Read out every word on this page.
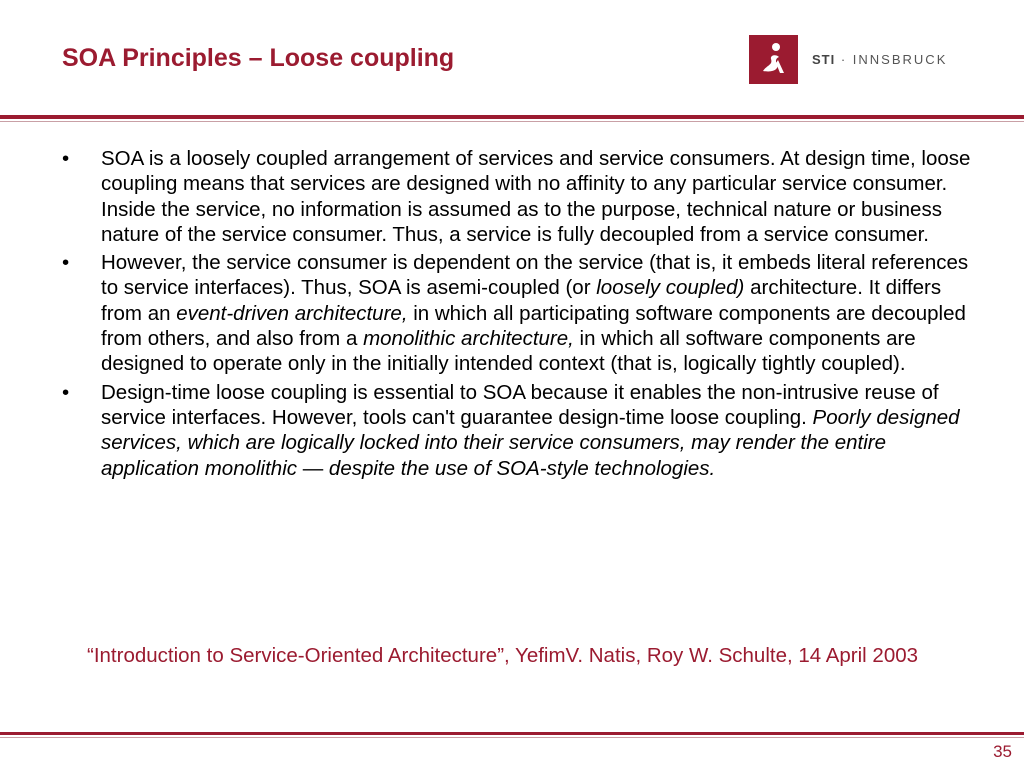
SOA Principles – Loose coupling	STI · INNSBRUCK
• SOA is a loosely coupled arrangement of services and service consumers. At design time, loose coupling means that services are designed with no affinity to any particular service consumer. Inside the service, no information is assumed as to the purpose, technical nature or business nature of the service consumer. Thus, a service is fully decoupled from a service consumer.
• However, the service consumer is dependent on the service (that is, it embeds literal references to service interfaces). Thus, SOA is asemi-coupled (or loosely coupled) architecture. It differs from an event-driven architecture, in which all participating software components are decoupled from others, and also from a monolithic architecture, in which all software components are designed to operate only in the initially intended context (that is, logically tightly coupled).
• Design-time loose coupling is essential to SOA because it enables the non-intrusive reuse of service interfaces. However, tools can't guarantee design-time loose coupling. Poorly designed services, which are logically locked into their service consumers, may render the entire application monolithic — despite the use of SOA-style technologies.
“Introduction to Service-Oriented Architecture”, YefimV. Natis, Roy W. Schulte, 14 April 2003
35
